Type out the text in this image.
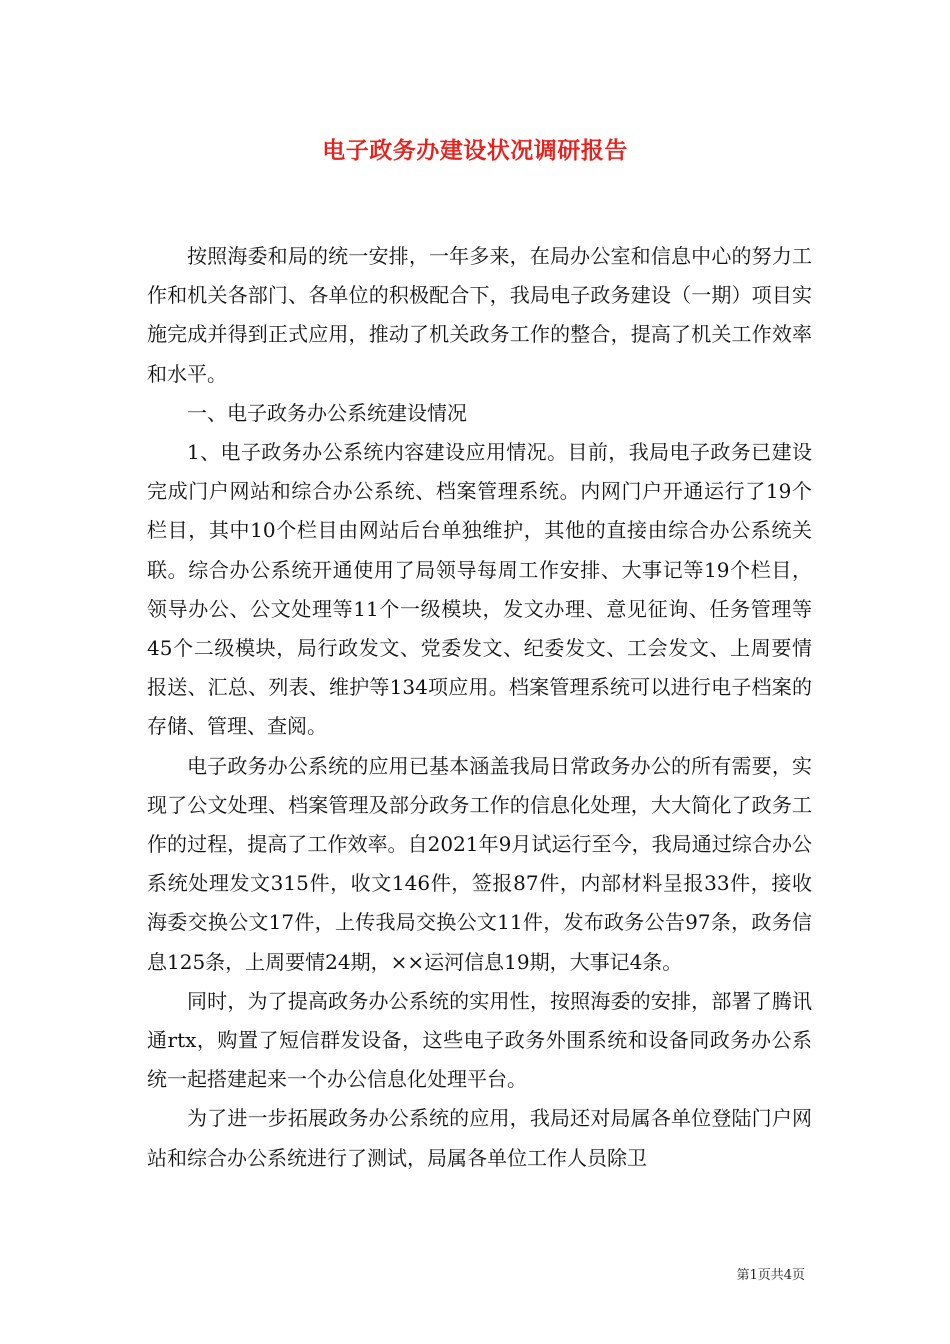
电子政务办建设状况调研报告

按照海委和局的统一安排，一年多来，在局办公室和信息中心的努力工作和机关各部门、各单位的积极配合下，我局电子政务建设（一期）项目实施完成并得到正式应用，推动了机关政务工作的整合，提高了机关工作效率和水平。

一、电子政务办公系统建设情况

1、电子政务办公系统内容建设应用情况。目前，我局电子政务已建设完成门户网站和综合办公系统、档案管理系统。内网门户开通运行了19个栏目，其中10个栏目由网站后台单独维护，其他的直接由综合办公系统关联。综合办公系统开通使用了局领导每周工作安排、大事记等19个栏目，领导办公、公文处理等11个一级模块，发文办理、意见征询、任务管理等45个二级模块，局行政发文、党委发文、纪委发文、工会发文、上周要情报送、汇总、列表、维护等134项应用。档案管理系统可以进行电子档案的存储、管理、查阅。

电子政务办公系统的应用已基本涵盖我局日常政务办公的所有需要，实现了公文处理、档案管理及部分政务工作的信息化处理，大大简化了政务工作的过程，提高了工作效率。自2021年9月试运行至今，我局通过综合办公系统处理发文315件，收文146件，签报87件，内部材料呈报33件，接收海委交换公文17件，上传我局交换公文11件，发布政务公告97条，政务信息125条，上周要情24期，××运河信息19期，大事记4条。

同时，为了提高政务办公系统的实用性，按照海委的安排，部署了腾讯通rtx，购置了短信群发设备，这些电子政务外围系统和设备同政务办公系统一起搭建起来一个办公信息化处理平台。

为了进一步拓展政务办公系统的应用，我局还对局属各单位登陆门户网站和综合办公系统进行了测试，局属各单位工作人员除卫

第1页共4页
